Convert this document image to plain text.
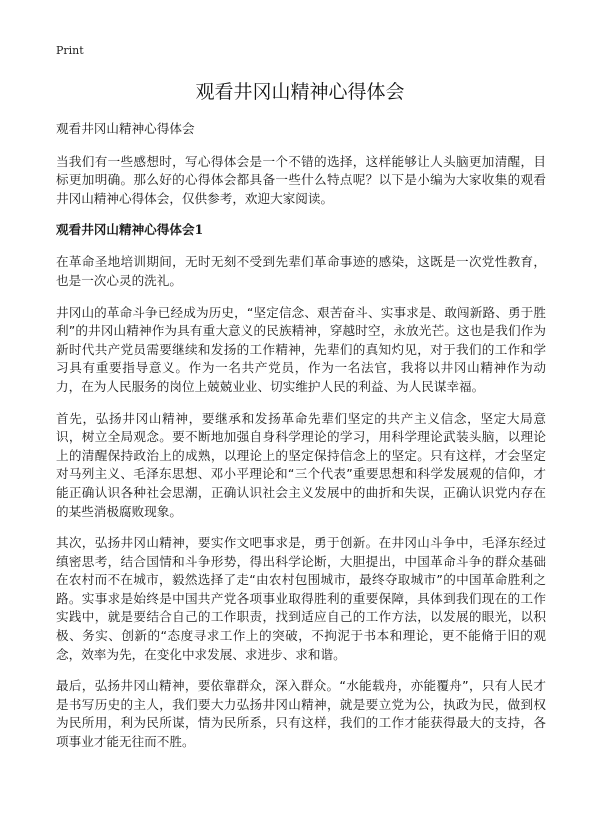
Print
观看井冈山精神心得体会

观看井冈山精神心得体会

当我们有一些感想时，写心得体会是一个不错的选择，这样能够让人头脑更加清醒，目标更加明确。那么好的心得体会都具备一些什么特点呢？以下是小编为大家收集的观看井冈山精神心得体会，仅供参考，欢迎大家阅读。

观看井冈山精神心得体会1

在革命圣地培训期间，无时无刻不受到先辈们革命事迹的感染，这既是一次党性教育，也是一次心灵的洗礼。

井冈山的革命斗争已经成为历史，“坚定信念、艰苦奋斗、实事求是、敢闯新路、勇于胜利”的井冈山精神作为具有重大意义的民族精神，穿越时空，永放光芒。这也是我们作为新时代共产党员需要继续和发扬的工作精神，先辈们的真知灼见，对于我们的工作和学习具有重要指导意义。作为一名共产党员，作为一名法官，我将以井冈山精神作为动力，在为人民服务的岗位上兢兢业业、切实维护人民的利益、为人民谋幸福。

首先，弘扬井冈山精神，要继承和发扬革命先辈们坚定的共产主义信念，坚定大局意识，树立全局观念。要不断地加强自身科学理论的学习，用科学理论武装头脑，以理论上的清醒保持政治上的成熟，以理论上的坚定保持信念上的坚定。只有这样，才会坚定对马列主义、毛泽东思想、邓小平理论和“三个代表”重要思想和科学发展观的信仰，才能正确认识各种社会思潮，正确认识社会主义发展中的曲折和失误，正确认识党内存在的某些消极腐败现象。

其次，弘扬井冈山精神，要实作文吧事求是，勇于创新。在井冈山斗争中，毛泽东经过缜密思考，结合国情和斗争形势，得出科学论断，大胆提出，中国革命斗争的群众基础在农村而不在城市，毅然选择了走“由农村包围城市，最终夺取城市”的中国革命胜利之路。实事求是始终是中国共产党各项事业取得胜利的重要保障，具体到我们现在的工作实践中，就是要结合自己的工作职责，找到适应自己的工作方法，以发展的眼光，以积极、务实、创新的“态度寻求工作上的突破，不拘泥于书本和理论，更不能脩于旧的观念，效率为先，在变化中求发展、求进步、求和谐。

最后，弘扬井冈山精神，要依靠群众，深入群众。“水能载舟，亦能覆舟”，只有人民才是书写历史的主人，我们要大力弘扬井冈山精神，就是要立党为公，执政为民，做到权为民所用，利为民所谋，情为民所系，只有这样，我们的工作才能获得最大的支持，各项事业才能无往而不胜。
